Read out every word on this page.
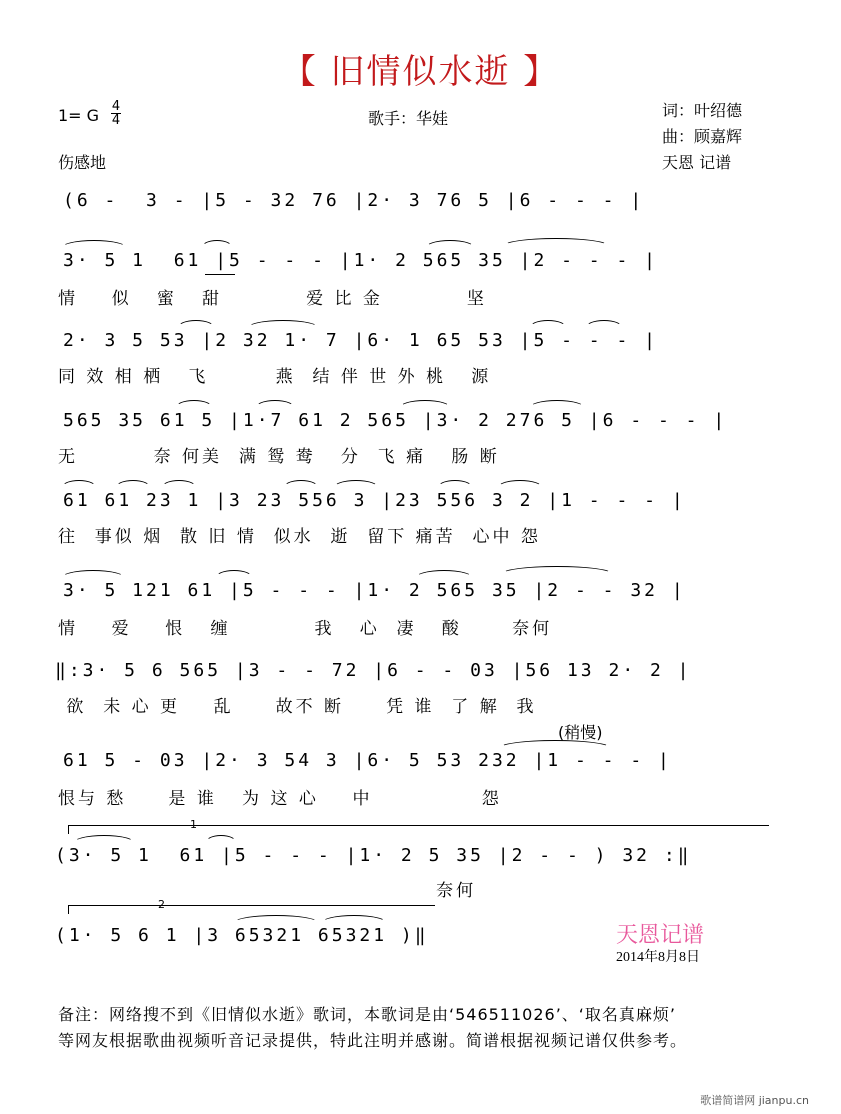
【 旧情似水逝 】
1= G 4
4	歌手：华娃	词：叶绍德
曲：顾嘉辉
天恩 记谱
伤感地
(6 -  3 - |5 - 32 76 |2· 3 76 5 |6 - - - |
3· 5 1  61 |5 - - - |1· 2 565 35 |2 - - - |
情    似   蜜   甜          爱 比 金          坚
2· 3 5 53 |2 32 1· 7 |6· 1 65 53 |5 - - - |
同 效 相 栖   飞        燕  结 伴 世 外 桃   源
565 35 61 5 |1·7 61 2 565 |3· 2 276 5 |6 - - - |
无         奈 何美  满 鸳 鸯   分  飞 痛   肠 断
61 61 23 1 |3 23 556 3 |23 556 3 2 |1 - - - |
往  事似 烟  散 旧 情  似水  逝  留下 痛苦  心中 怨
3· 5 121 61 |5 - - - |1· 2 565 35 |2 - - 32 |
情    爱    恨   缠          我   心  凄   酸      奈何
‖:3· 5 6 565 |3 - - 72 |6 - - 03 |56 13 2· 2 |
欲  未 心 更    乱     故不 断     凭 谁  了 解  我
(稍慢)
61 5 - 03 |2· 3 54 3 |6· 5 53 232 |1 - - - |
恨与 愁     是 谁   为 这 心    中             怨
1
(3· 5 1  61 |5 - - - |1· 2 5 35 |2 - - ) 32 :‖
奈何
2
(1· 5 6 1 |3 65321 65321 )‖	天恩记谱
2014年8月8日
备注：网络搜不到《旧情似水逝》歌词，本歌词是由‘546511026’、‘取名真麻烦’
等网友根据歌曲视频听音记录提供，特此注明并感谢。简谱根据视频记谱仅供参考。
歌谱简谱网 jianpu.cn
